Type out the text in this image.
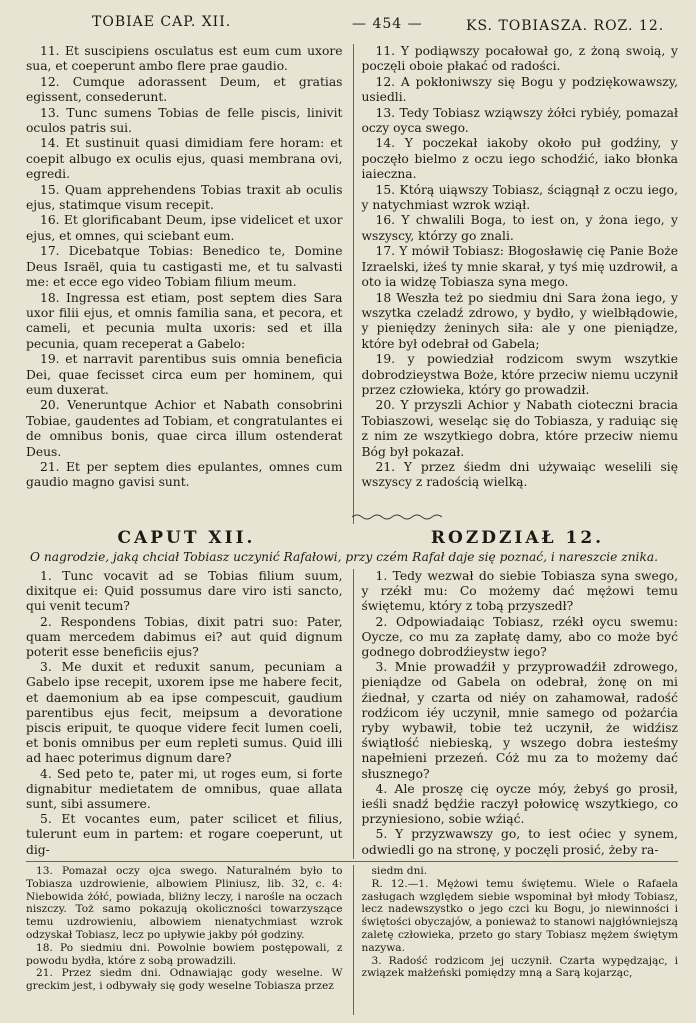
TOBIAE CAP. XII.	— 454 —	KS. TOBIASZA. ROZ. 12.

11. Et suscipiens osculatus est eum cum uxore sua, et coeperunt ambo flere prae gaudio.

12. Cumque adorassent Deum, et gratias egissent, consederunt.

13. Tunc sumens Tobias de felle piscis, linivit oculos patris sui.

14. Et sustinuit quasi dimidiam fere horam: et coepit albugo ex oculis ejus, quasi membrana ovi, egredi.

15. Quam apprehendens Tobias traxit ab oculis ejus, statimque visum recepit.

16. Et glorificabant Deum, ipse videlicet et uxor ejus, et omnes, qui sciebant eum.

17. Dicebatque Tobias: Benedico te, Domine Deus Israël, quia tu castigasti me, et tu salvasti me: et ecce ego video Tobiam filium meum.

18. Ingressa est etiam, post septem dies Sara uxor filii ejus, et omnis familia sana, et pecora, et cameli, et pecunia multa uxoris: sed et illa pecunia, quam receperat a Gabelo:

19. et narravit parentibus suis omnia beneficia Dei, quae fecisset circa eum per hominem, qui eum duxerat.

20. Veneruntque Achior et Nabath consobrini Tobiae, gaudentes ad Tobiam, et congratulantes ei de omnibus bonis, quae circa illum ostenderat Deus.

21. Et per septem dies epulantes, omnes cum gaudio magno gavisi sunt.

11. Y podiąwszy pocałował go, z żoną swoią, y poczęli oboie płakać od radości.

12. A pokłoniwszy się Bogu y podziękowawszy, usiedli.

13. Tedy Tobiasz wziąwszy żółci rybiéy, pomazał oczy oyca swego.

14. Y poczekał iakoby około puł godźiny, y poczęło bielmo z oczu iego schodźić, iako błonka iaieczna.

15. Którą uiąwszy Tobiasz, ściągnął z oczu iego, y natychmiast wzrok wziął.

16. Y chwalili Boga, to iest on, y żona iego, y wszyscy, którzy go znali.

17. Y mówił Tobiasz: Błogosławię cię Panie Boże Izraelski, iżeś ty mnie skarał, y tyś mię uzdrowił, a oto ia widzę Tobiasza syna mego.

18 Weszła też po siedmiu dni Sara żona iego, y wszytka czeladź zdrowo, y bydło, y wielbłądowie, y pieniędzy żeninych siła: ale y one pieniądze, które był odebrał od Gabela;

19. y powiedział rodzicom swym wszytkie dobrodzieystwa Boże, które przeciw niemu uczynił przez człowieka, który go prowadził.

20. Y przyszli Achior y Nabath cioteczni bracia Tobiaszowi, weseląc się do Tobiasza, y raduiąc się z nim ze wszytkiego dobra, które przeciw niemu Bóg był pokazał.

21. Y przez śiedm dni używaiąc weselili się wszyscy z radością wielką.

CAPUT XII.	ROZDZIAŁ 12.

O nagrodzie, jaką chciał Tobiasz uczynić Rafałowi, przy czém Rafał daje się poznać, i nareszcie znika.

1. Tunc vocavit ad se Tobias filium suum, dixitque ei: Quid possumus dare viro isti sancto, qui venit tecum?

2. Respondens Tobias, dixit patri suo: Pater, quam mercedem dabimus ei? aut quid dignum poterit esse beneficiis ejus?

3. Me duxit et reduxit sanum, pecuniam a Gabelo ipse recepit, uxorem ipse me habere fecit, et daemonium ab ea ipse compescuit, gaudium parentibus ejus fecit, meipsum a devoratione piscis eripuit, te quoque videre fecit lumen coeli, et bonis omnibus per eum repleti sumus. Quid illi ad haec poterimus dignum dare?

4. Sed peto te, pater mi, ut roges eum, si forte dignabitur medietatem de omnibus, quae allata sunt, sibi assumere.

5. Et vocantes eum, pater scilicet et filius, tulerunt eum in partem: et rogare coeperunt, ut dig-

1. Tedy wezwał do siebie Tobiasza syna swego, y rzékł mu: Co możemy dać mężowi temu świętemu, który z tobą przyszedł?

2. Odpowiadaiąc Tobiasz, rzékł oycu swemu: Oycze, co mu za zapłatę damy, abo co może być godnego dobrodźieystw iego?

3. Mnie prowadźił y przyprowadźił zdrowego, pieniądze od Gabela on odebrał, żonę on mi źiednał, y czarta od niéy on zahamował, radość rodźicom iéy uczynił, mnie samego od pożarćia ryby wybawił, tobie też uczynił, że widźisz świątłość niebieską, y wszego dobra iesteśmy napełnieni przezeń. Cóż mu za to możemy dać słusznego?

4. Ale proszę cię oycze móy, żebyś go prosił, ieśli snadź będźie raczył połowicę wszytkiego, co przyniesiono, sobie wźiąć.

5. Y przyzwawszy go, to iest oćiec y synem, odwiedli go na stronę, y poczęli prosić, żeby ra-

13. Pomazał oczy ojca swego. Naturalném było to Tobiasza uzdrowienie, albowiem Pliniusz, lib. 32, c. 4: Niebowida żółć, powiada, bliżny leczy, i narośle na oczach niszczy. Toż samo pokazują okoliczności towarzyszące temu uzdrowieniu, albowiem nienatychmiast wzrok odzyskał Tobiasz, lecz po upływie jakby pół godziny.

18. Po siedmiu dni. Powolnie bowiem postępowali, z powodu bydła, które z sobą prowadzili.

21. Przez siedm dni. Odnawiając gody weselne. W greckim jest, i odbywały się gody weselne Tobiasza przez

siedm dni.

R. 12.—1. Mężowi temu świętemu. Wiele o Rafaela zasługach względem siebie wspominał był młody Tobiasz, lecz nadewszystko o jego czci ku Bogu, jo niewinności i świętości obyczajów, a ponieważ to stanowi najgłówniejszą zaletę człowieka, przeto go stary Tobiasz mężem świętym nazywa.

3. Radość rodzicom jej uczynił. Czarta wypędzając, i związek małżeński pomiędzy mną a Sarą kojarząc,
